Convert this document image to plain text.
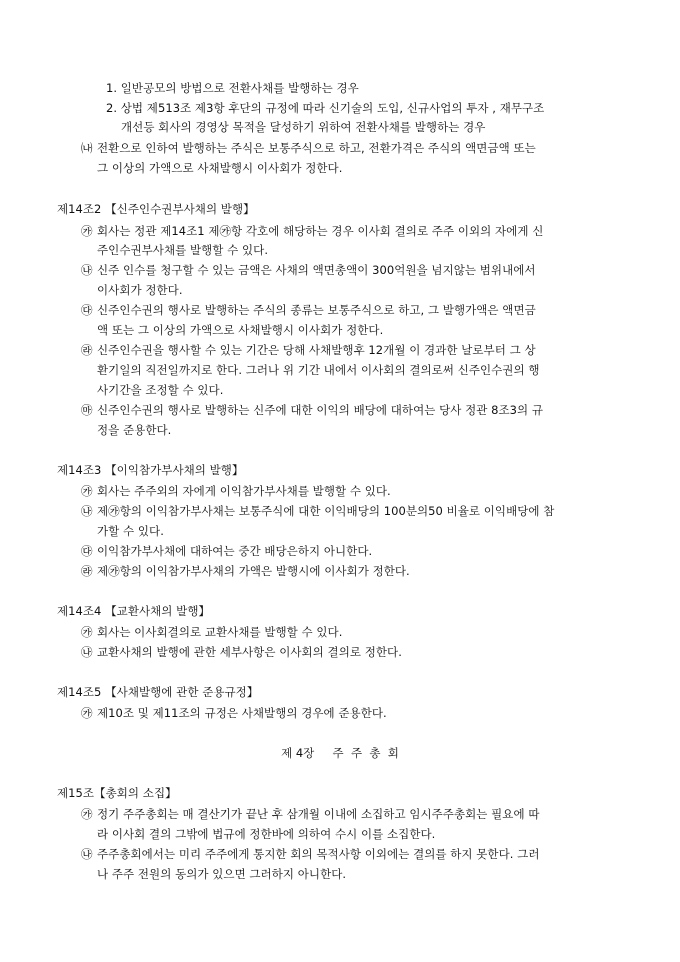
1. 일반공모의 방법으로 전환사채를 발행하는 경우
2. 상법 제513조 제3항 후단의 규정에 따라 신기술의 도입, 신규사업의 투자 , 재무구조
개선등 회사의 경영상 목적을 달성하기 위하여 전환사채를 발행하는 경우
㈏ 전환으로 인하여 발행하는 주식은 보통주식으로 하고, 전환가격은 주식의 액면금액 또는
그 이상의 가액으로 사채발행시 이사회가 정한다.
제14조2 【신주인수권부사채의 발행】
㉮ 회사는 정관 제14조1 제㉮항 각호에 해당하는 경우 이사회 결의로 주주 이외의 자에게 신
주인수권부사채를 발행할 수 있다.
㉯ 신주 인수를 청구할 수 있는 금액은 사채의 액면총액이 300억원을 넘지않는 범위내에서
이사회가 정한다.
㉰ 신주인수권의 행사로 발행하는 주식의 종류는 보통주식으로 하고, 그 발행가액은 액면금
액 또는 그 이상의 가액으로 사채발행시 이사회가 정한다.
㉱ 신주인수권을 행사할 수 있는 기간은 당해 사채발행후 12개월 이 경과한 날로부터 그 상
환기일의 직전일까지로 한다. 그러나 위 기간 내에서 이사회의 결의로써 신주인수권의 행
사기간을 조정할 수 있다.
㉲ 신주인수권의 행사로 발행하는 신주에 대한 이익의 배당에 대하여는 당사 정관 8조3의 규
정을 준용한다.
제14조3 【이익참가부사채의 발행】
㉮ 회사는 주주외의 자에게 이익참가부사채를 발행할 수 있다.
㉯ 제㉮항의 이익참가부사채는 보통주식에 대한 이익배당의 100분의50 비율로 이익배당에 참
가할 수 있다.
㉰ 이익참가부사채에 대하여는 중간 배당은하지 아니한다.
㉱ 제㉮항의 이익참가부사채의 가액은 발행시에 이사회가 정한다.
제14조4 【교환사채의 발행】
㉮ 회사는 이사회결의로 교환사채를 발행할 수 있다.
㉯ 교환사채의 발행에 관한 세부사항은 이사회의 결의로 정한다.
제14조5 【사채발행에 관한 준용규정】
㉮ 제10조 및 제11조의 규정은 사채발행의 경우에 준용한다.
제 4장     주  주  총  회
제15조【총회의 소집】
㉮ 정기 주주총회는 매 결산기가 끝난 후 삼개월 이내에 소집하고 임시주주총회는 필요에 따
라 이사회 결의 그밖에 법규에 정한바에 의하여 수시 이를 소집한다.
㉯ 주주총회에서는 미리 주주에게 통지한 회의 목적사항 이외에는 결의를 하지 못한다. 그러
나 주주 전원의 동의가 있으면 그러하지 아니한다.
